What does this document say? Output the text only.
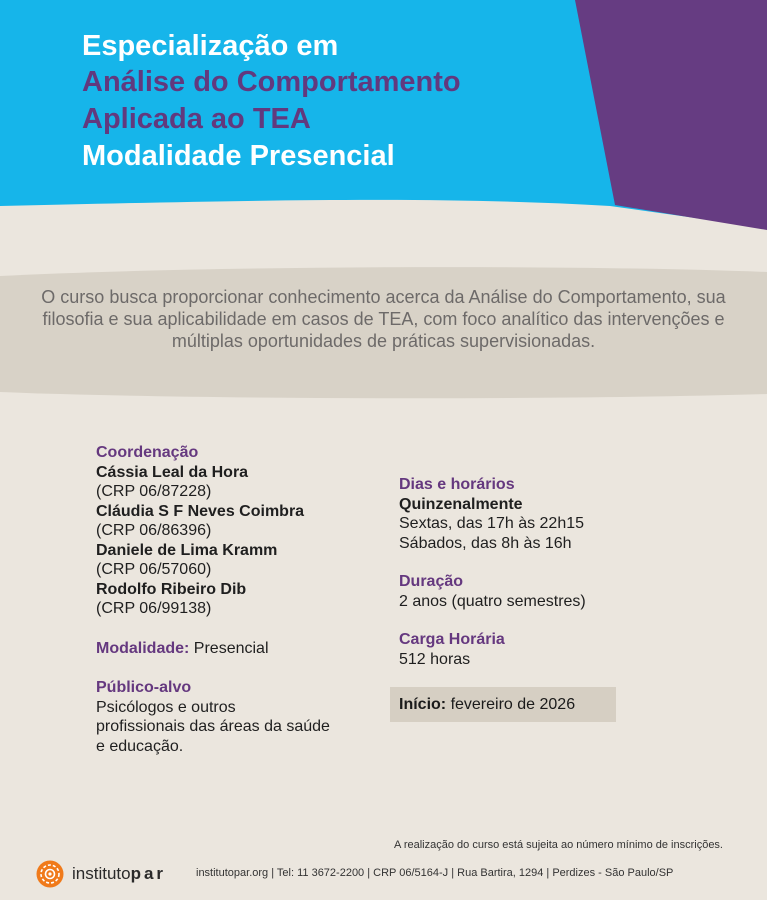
Especialização em
Análise do Comportamento
Aplicada ao TEA
Modalidade Presencial
O curso busca proporcionar conhecimento acerca da Análise do Comportamento, sua filosofia e sua aplicabilidade em casos de TEA, com foco analítico das intervenções e múltiplas oportunidades de práticas supervisionadas.
Coordenação
Cássia Leal da Hora
(CRP 06/87228)
Cláudia S F Neves Coimbra
(CRP 06/86396)
Daniele de Lima Kramm
(CRP 06/57060)
Rodolfo Ribeiro Dib
(CRP 06/99138)
Modalidade: Presencial
Público-alvo
Psicólogos e outros
profissionais das áreas da saúde
e educação.
Dias e horários
Quinzenalmente
Sextas, das 17h às 22h15
Sábados, das 8h às 16h
Duração
2 anos (quatro semestres)
Carga Horária
512 horas
Início: fevereiro de 2026
A realização do curso está sujeita ao número mínimo de inscrições.
institutopar	institutopar.org | Tel: 11 3672-2200 | CRP 06/5164-J | Rua Bartira, 1294 | Perdizes - São Paulo/SP
